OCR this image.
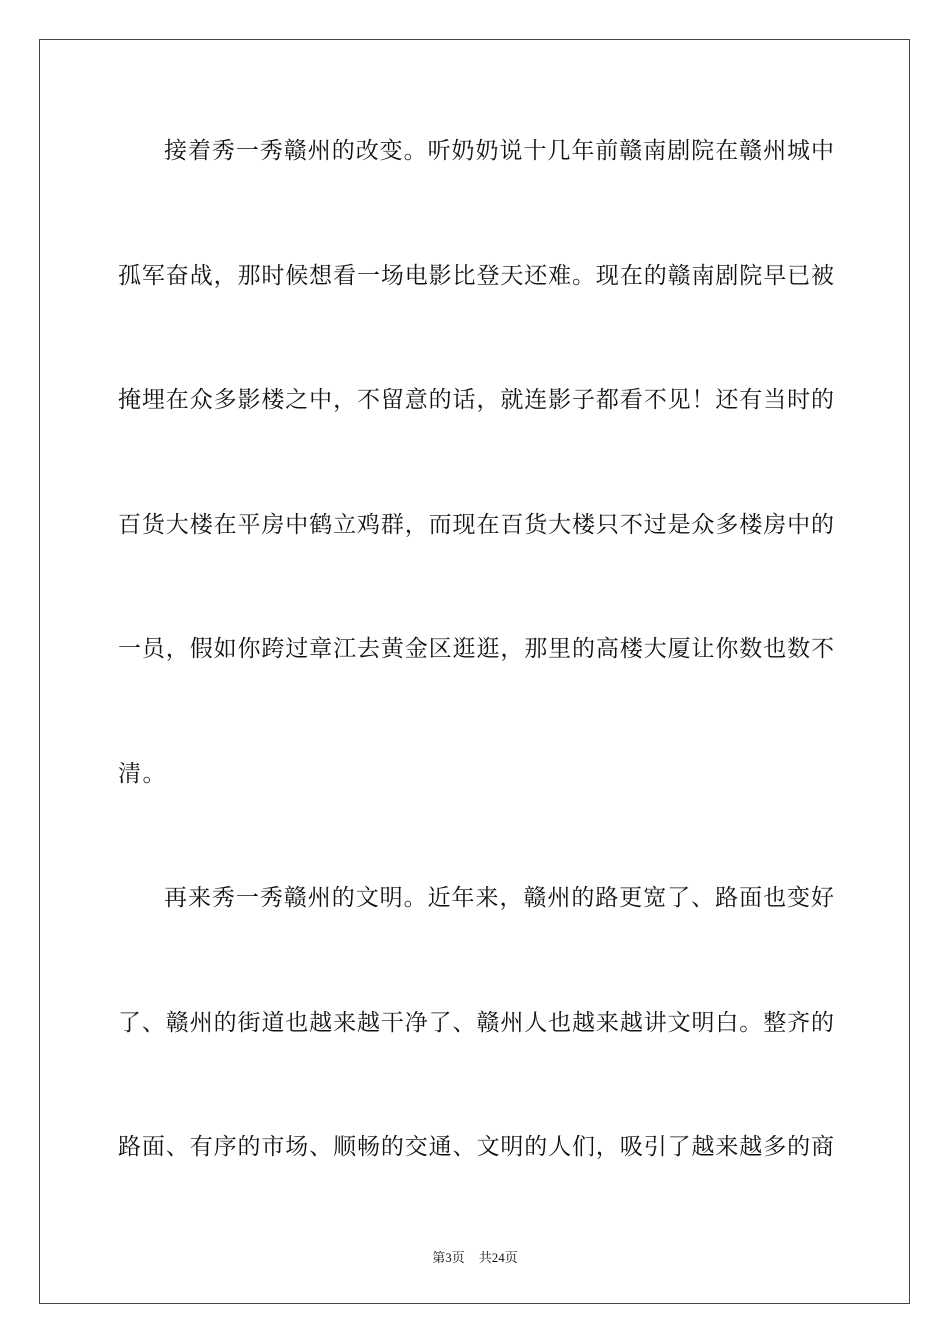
接着秀一秀赣州的改变。听奶奶说十几年前赣南剧院在赣州城中
孤军奋战，那时候想看一场电影比登天还难。现在的赣南剧院早已被
掩埋在众多影楼之中，不留意的话，就连影子都看不见！还有当时的
百货大楼在平房中鹤立鸡群，而现在百货大楼只不过是众多楼房中的
一员，假如你跨过章江去黄金区逛逛，那里的高楼大厦让你数也数不
清。
再来秀一秀赣州的文明。近年来，赣州的路更宽了、路面也变好
了、赣州的街道也越来越干净了、赣州人也越来越讲文明白。整齐的
路面、有序的市场、顺畅的交通、文明的人们，吸引了越来越多的商
第3页 共24页
